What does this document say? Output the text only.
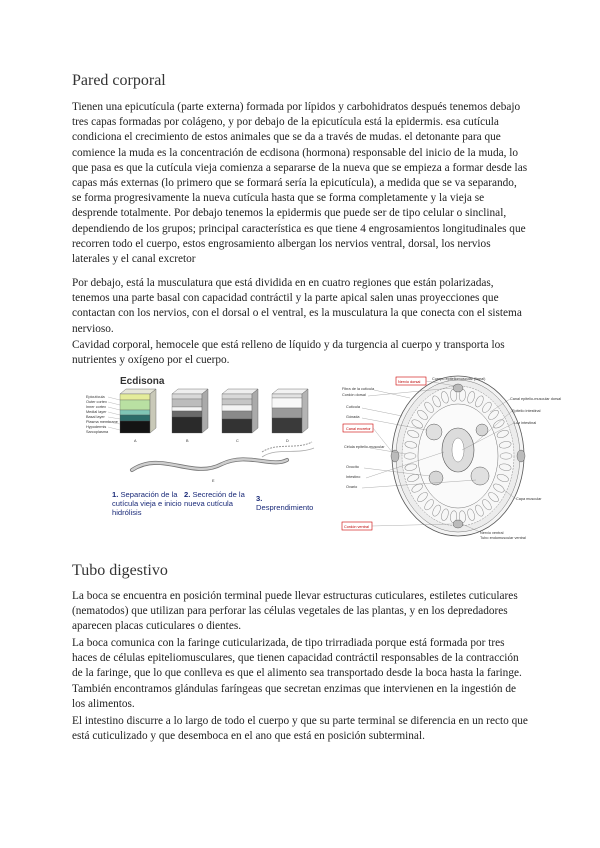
Pared corporal

Tienen una epicutícula (parte externa) formada por lípidos y carbohidratos después tenemos debajo tres capas formadas por colágeno, y por debajo de la epicutícula está la epidermis. esa cutícula condiciona el crecimiento de estos animales que se da a través de mudas. el detonante para que comience la muda es la concentración de ecdisona (hormona) responsable del inicio de la muda, lo que pasa es que la cutícula vieja comienza a separarse de la nueva que se empieza a formar desde las capas más externas (lo primero que se formará sería la epicutícula), a medida que se va separando, se forma progresivamente la nueva cutícula hasta que se forma completamente y la vieja se desprende totalmente. Por debajo tenemos la epidermis que puede ser de tipo celular o sinclinal, dependiendo de los grupos; principal característica es que tiene 4 engrosamientos longitudinales que recorren todo el cuerpo, estos engrosamiento albergan los nervios ventral, dorsal, los nervios laterales y el canal excretor

Por debajo, está la musculatura que está dividida en en cuatro regiones que están polarizadas, tenemos una parte basal con capacidad contráctil y la parte apical salen unas proyecciones que contactan con los nervios, con el dorsal o el ventral, es la musculatura la que conecta con el sistema nervioso.

Cavidad corporal, hemocele que está relleno de líquido y da turgencia al cuerpo y transporta los nutrientes y oxígeno por el cuerpo.

Ecdisona
Epicutícula
Outer cortex
Inner cortex
Medial layer
Basal layer
Plasma membrane
Hypodermis
Sarcoplasma
A	B	C	D
E
1. Separación de la cutícula vieja e inicio hidrólisis
2. Secreción de la nueva cutícula
3.
Desprendimiento
Fibra de la cutícula
Cordón dorsal
Cutícula
Gónada
Canal excretor
Célula epitelio-muscular
Ovocito
Intestino
Ovario
Cordón ventral
Nervio dorsal
Cuerpo epiteliomuscular (lineal)
Canal epitelio-muscular dorsal
Epitelio intestinal
Luz intestinal
Capa muscular
Nervio ventral
Tubo endomuscular ventral
Tubo digestivo

La boca se encuentra en posición terminal puede llevar estructuras cuticulares, estiletes cuticulares (nematodos) que utilizan para perforar las células vegetales de las plantas, y en los depredadores aparecen placas cuticulares o dientes.

La boca comunica con la faringe cuticularizada, de tipo trirradiada porque está formada por tres haces de células epiteliomusculares, que tienen capacidad contráctil responsables de la contracción de la faringe, que lo que conlleva es que el alimento sea transportado desde la boca hasta la faringe. También encontramos glándulas faríngeas que secretan enzimas que intervienen en la ingestión de los alimentos.

El intestino discurre a lo largo de todo el cuerpo y que su parte terminal se diferencia en un recto que está cuticulizado y que desemboca en el ano que está en posición subterminal.
